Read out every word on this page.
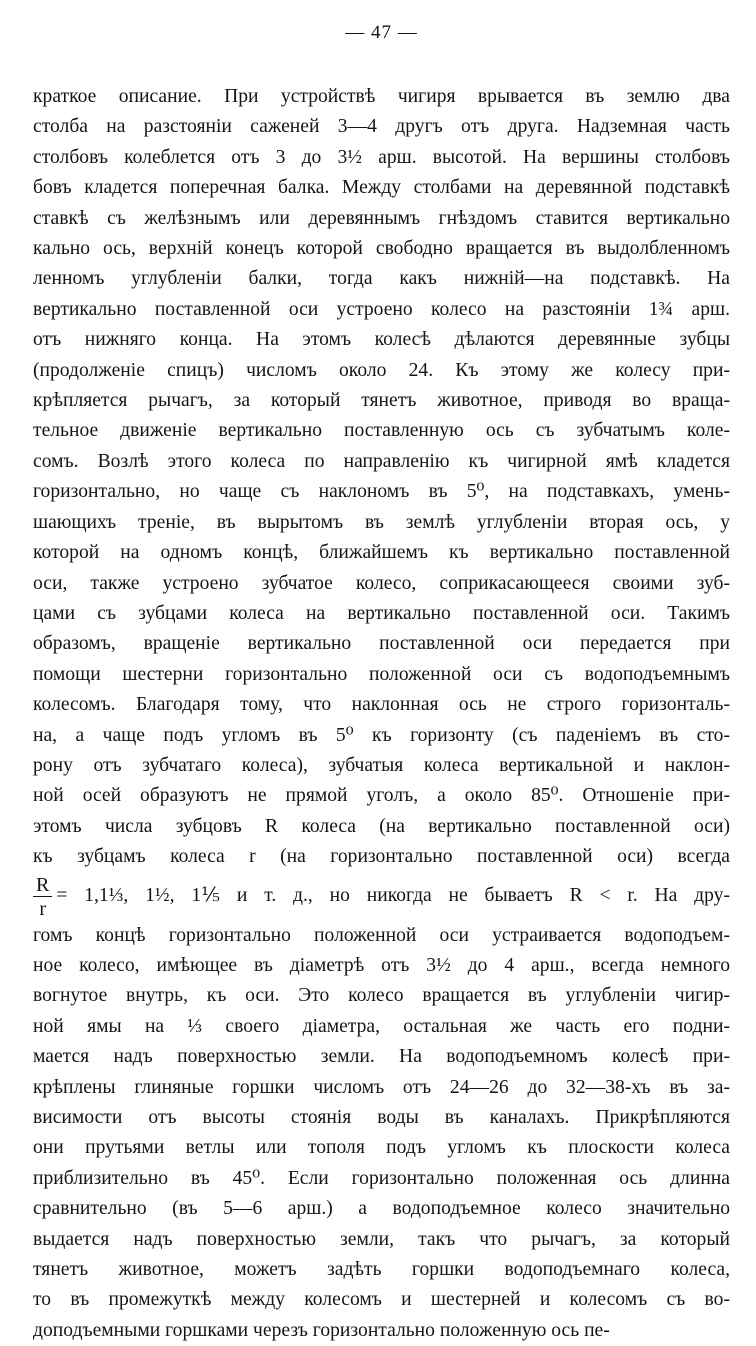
— 47 —
краткое описание. При устройствѣ чигиря врывается въ землю два
столба на разстояніи саженей 3—4 другъ отъ друга. Надземная часть
столбовъ колеблется отъ 3 до 3½ арш. высотой. На вершины столбовъ
бовъ кладется поперечная балка. Между столбами на деревянной подставкѣ
ставкѣ съ желѣзнымъ или деревяннымъ гнѣздомъ ставится вертикально
кально ось, верхній конецъ которой свободно вращается въ выдолбленномъ
ленномъ углубленіи балки, тогда какъ нижній—на подставкѣ. На
вертикально поставленной оси устроено колесо на разстояніи 1¾ арш.
отъ нижняго конца. На этомъ колесѣ дѣлаются деревянные зубцы
(продолженіе спицъ) числомъ около 24. Къ этому же колесу при-
крѣпляется рычагъ, за который тянетъ животное, приводя во враща-
тельное движеніе вертикально поставленную ось съ зубчатымъ коле-
сомъ. Возлѣ этого колеса по направленію къ чигирной ямѣ кладется
горизонтально, но чаще съ наклономъ въ 5⁰, на подставкахъ, умень-
шающихъ треніе, въ вырытомъ въ землѣ углубленіи вторая ось, у
которой на одномъ концѣ, ближайшемъ къ вертикально поставленной
оси, также устроено зубчатое колесо, соприкасающееся своими зуб-
цами съ зубцами колеса на вертикально поставленной оси. Такимъ
образомъ, вращеніе вертикально поставленной оси передается при
помощи шестерни горизонтально положенной оси съ водоподъемнымъ
колесомъ. Благодаря тому, что наклонная ось не строго горизонталь-
на, а чаще подъ угломъ въ 5⁰ къ горизонту (съ паденіемъ въ сто-
рону отъ зубчатаго колеса), зубчатыя колеса вертикальной и наклон-
ной осей образуютъ не прямой уголъ, а около 85⁰. Отношеніе при-
этомъ числа зубцовъ R колеса (на вертикально поставленной оси)
къ зубцамъ колеса r (на горизонтально поставленной оси) всегда
$\frac{R}{r}$ = 1,1⅓, 1½, 1⅕ и т. д., но никогда не бываетъ R < r. На дру-
гомъ концѣ горизонтально положенной оси устраивается водоподъем-
ное колесо, имѣющее въ діаметрѣ отъ 3½ до 4 арш., всегда немного
вогнутое внутрь, къ оси. Это колесо вращается въ углубленіи чигир-
ной ямы на ⅓ своего діаметра, остальная же часть его подни-
мается надъ поверхностью земли. На водоподъемномъ колесѣ при-
крѣплены глиняные горшки числомъ отъ 24—26 до 32—38-хъ въ за-
висимости отъ высоты стоянія воды въ каналахъ. Прикрѣпляются
они прутьями ветлы или тополя подъ угломъ къ плоскости колеса
приблизительно въ 45⁰. Если горизонтально положенная ось длинна
сравнительно (въ 5—6 арш.) а водоподъемное колесо значительно
выдается надъ поверхностью земли, такъ что рычагъ, за который
тянетъ животное, можетъ задѣть горшки водоподъемнаго колеса,
то въ промежуткѣ между колесомъ и шестерней и колесомъ съ во-
доподъемными горшками черезъ горизонтально положенную ось пе-
